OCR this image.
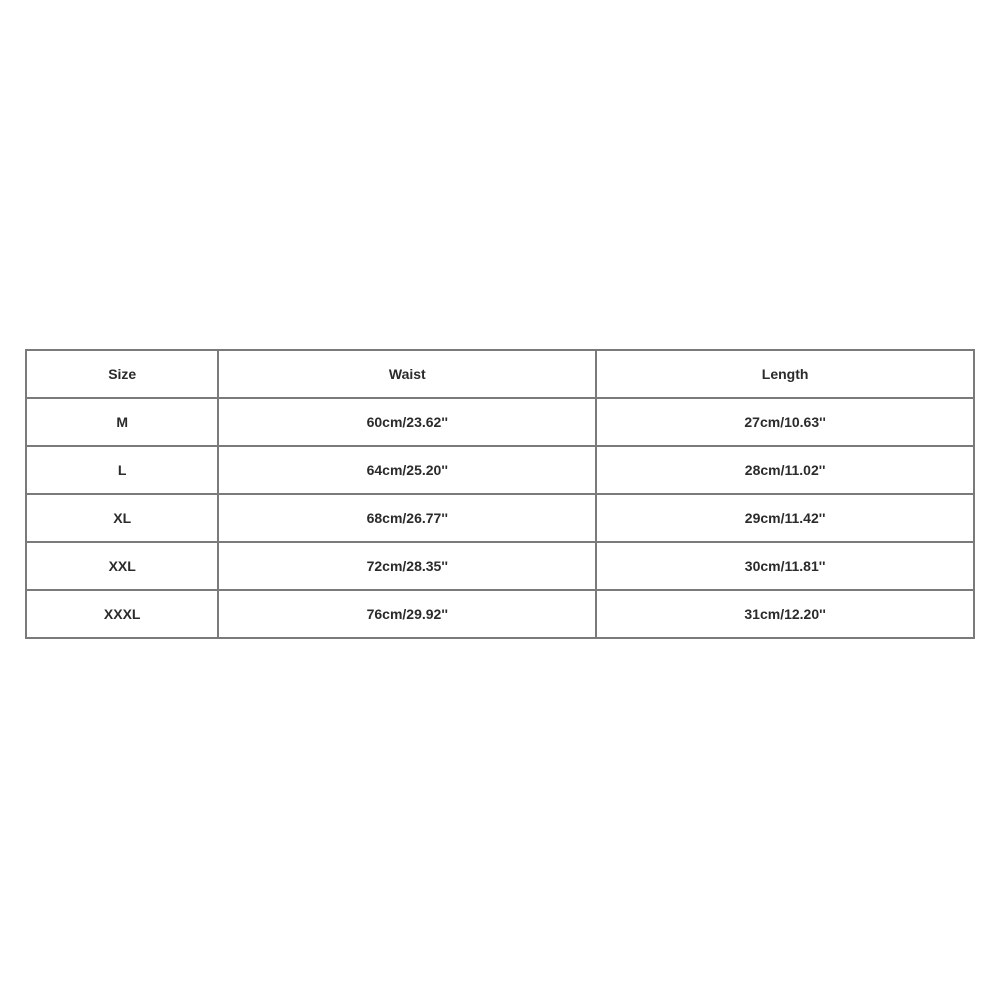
Size	Waist	Length
M	60cm/23.62''	27cm/10.63''
L	64cm/25.20''	28cm/11.02''
XL	68cm/26.77''	29cm/11.42''
XXL	72cm/28.35''	30cm/11.81''
XXXL	76cm/29.92''	31cm/12.20''
